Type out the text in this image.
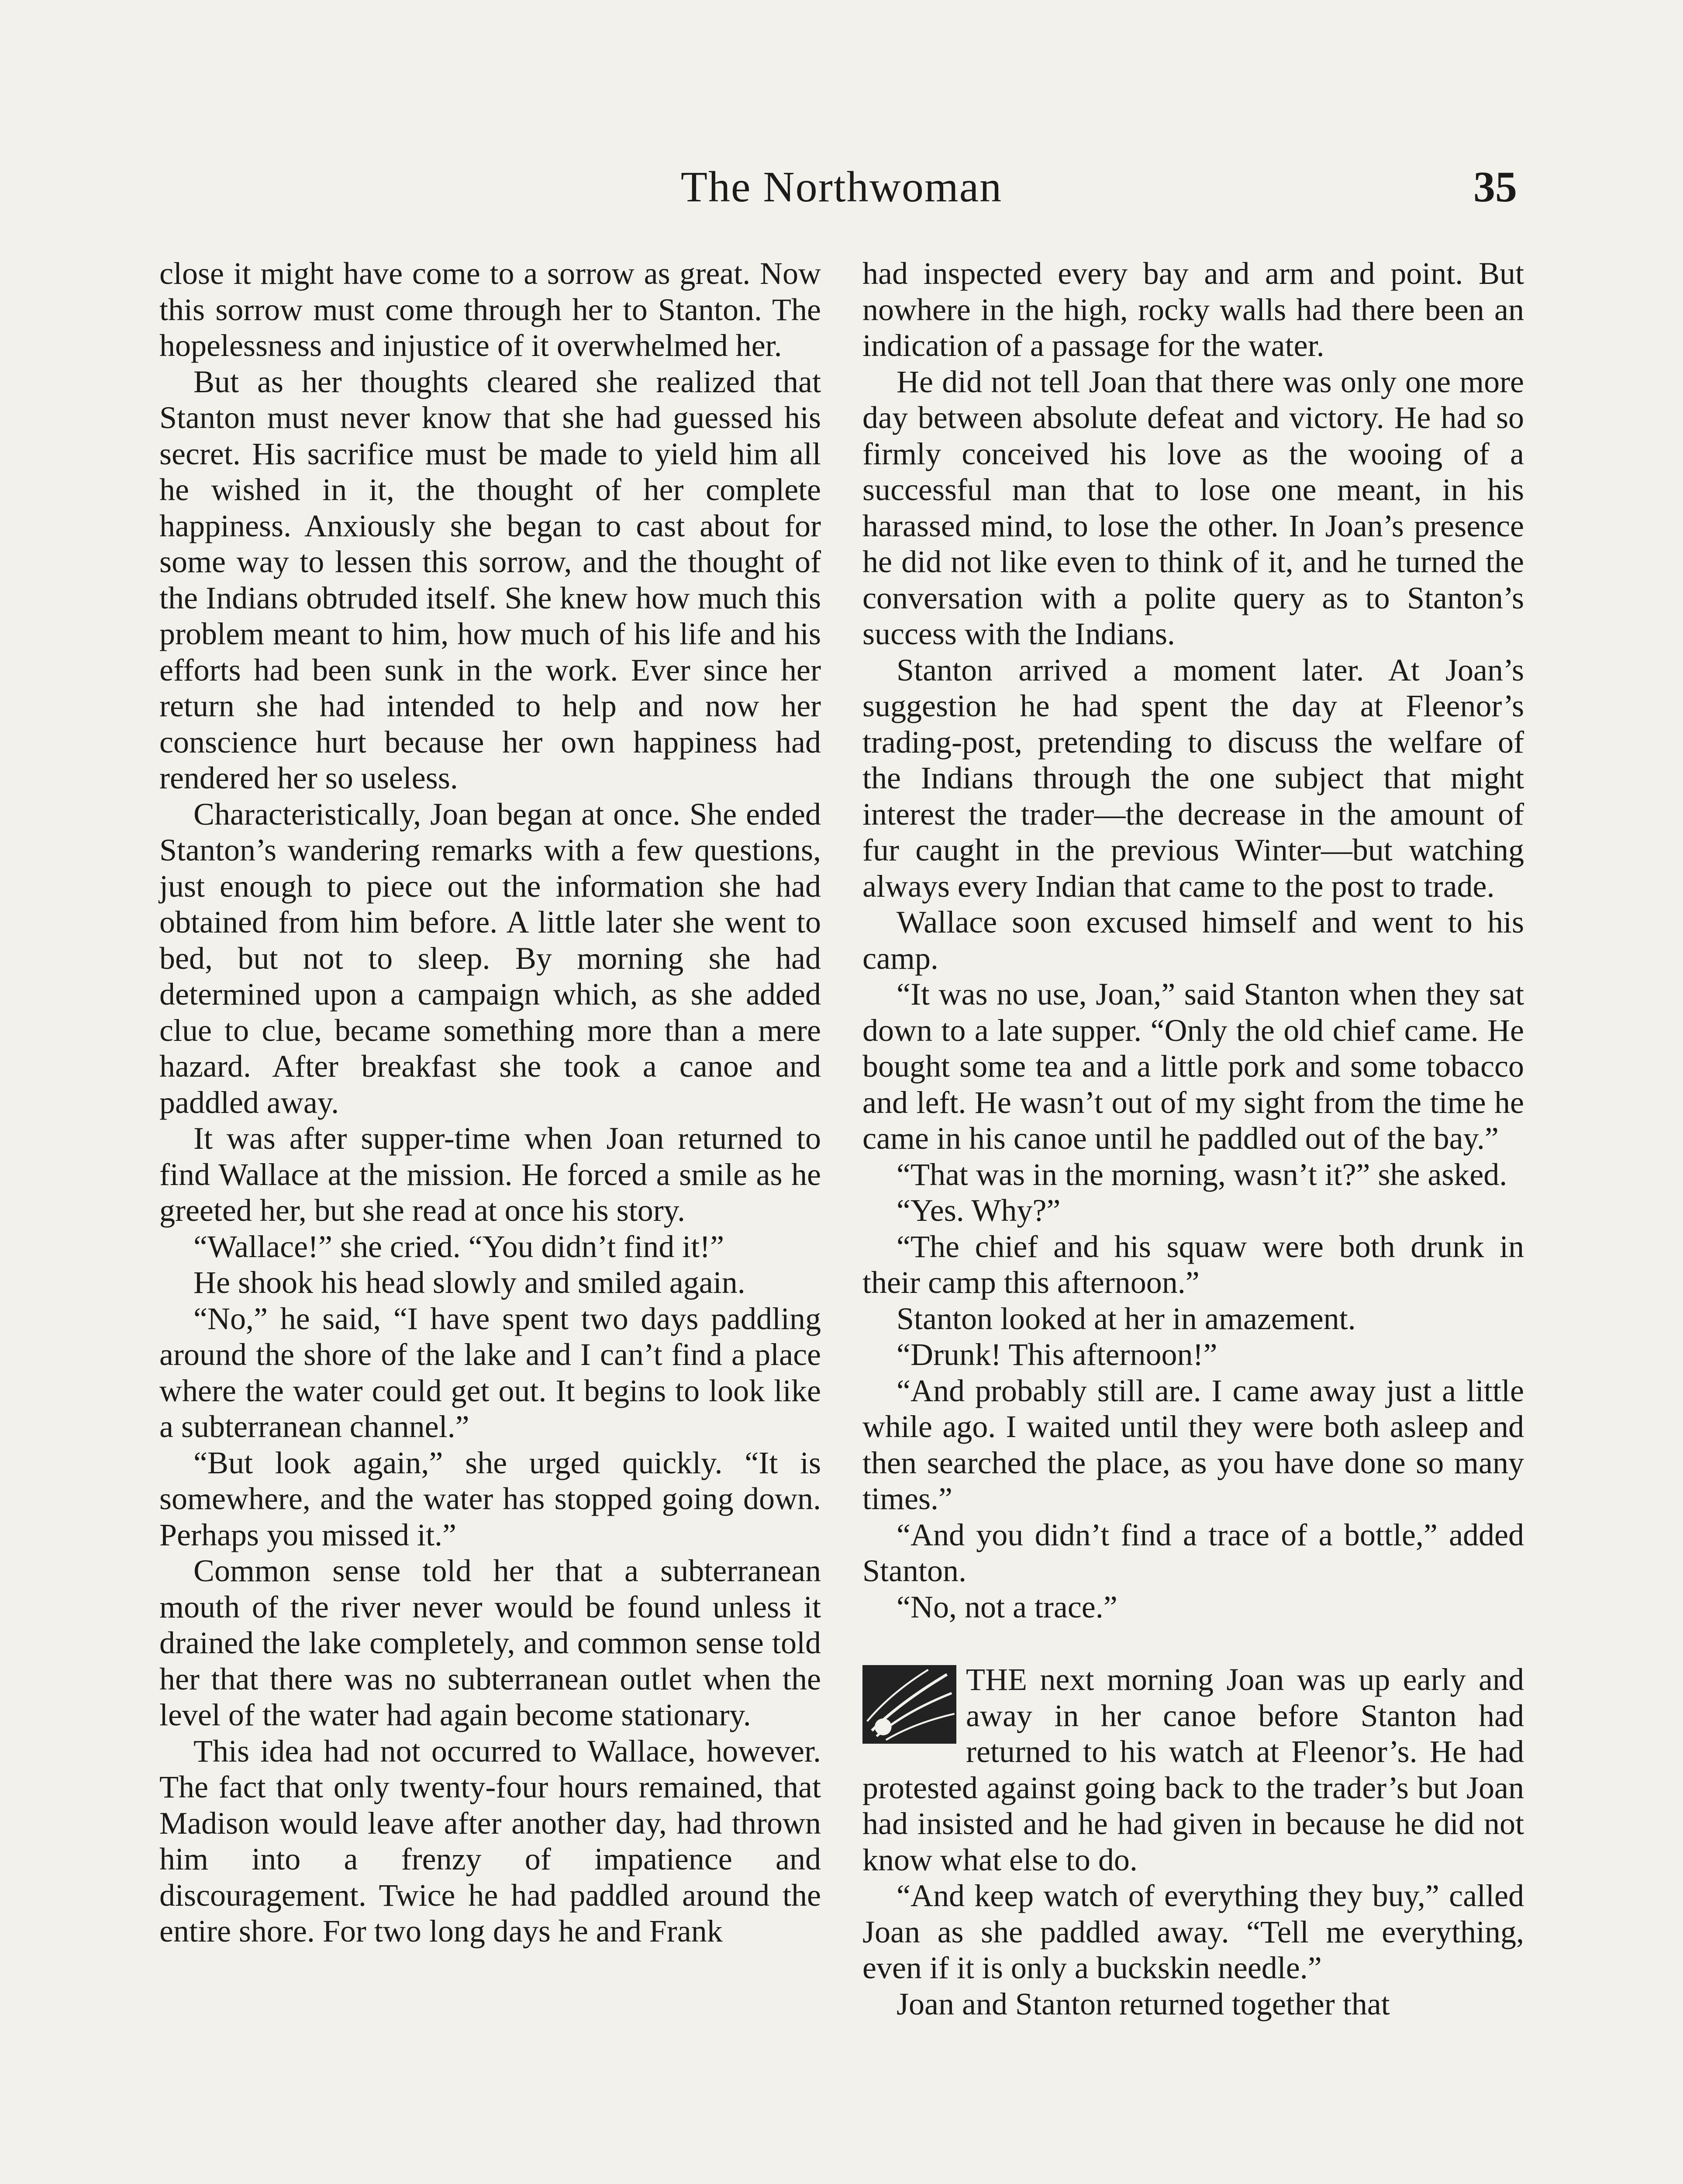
The Northwoman	35

close it might have come to a sorrow as great. Now this sorrow must come through her to Stanton. The hopelessness and injustice of it overwhelmed her.

But as her thoughts cleared she realized that Stanton must never know that she had guessed his secret. His sacrifice must be made to yield him all he wished in it, the thought of her complete happiness. Anxiously she began to cast about for some way to lessen this sorrow, and the thought of the Indians obtruded itself. She knew how much this problem meant to him, how much of his life and his efforts had been sunk in the work. Ever since her return she had intended to help and now her conscience hurt because her own happiness had rendered her so useless.

Characteristically, Joan began at once. She ended Stanton’s wandering remarks with a few questions, just enough to piece out the information she had obtained from him before. A little later she went to bed, but not to sleep. By morning she had determined upon a campaign which, as she added clue to clue, became something more than a mere hazard. After breakfast she took a canoe and paddled away.

It was after supper-time when Joan returned to find Wallace at the mission. He forced a smile as he greeted her, but she read at once his story.

“Wallace!” she cried. “You didn’t find it!”

He shook his head slowly and smiled again.

“No,” he said, “I have spent two days paddling around the shore of the lake and I can’t find a place where the water could get out. It begins to look like a subterranean channel.”

“But look again,” she urged quickly. “It is somewhere, and the water has stopped going down. Perhaps you missed it.”

Common sense told her that a subterranean mouth of the river never would be found unless it drained the lake completely, and common sense told her that there was no subterranean outlet when the level of the water had again become stationary.

This idea had not occurred to Wallace, however. The fact that only twenty-four hours remained, that Madison would leave after another day, had thrown him into a frenzy of impatience and discouragement. Twice he had paddled around the entire shore. For two long days he and Frank

had inspected every bay and arm and point. But nowhere in the high, rocky walls had there been an indication of a passage for the water.

He did not tell Joan that there was only one more day between absolute defeat and victory. He had so firmly conceived his love as the wooing of a successful man that to lose one meant, in his harassed mind, to lose the other. In Joan’s presence he did not like even to think of it, and he turned the conversation with a polite query as to Stanton’s success with the Indians.

Stanton arrived a moment later. At Joan’s suggestion he had spent the day at Fleenor’s trading-post, pretending to discuss the welfare of the Indians through the one subject that might interest the trader—the decrease in the amount of fur caught in the previous Winter—but watching always every Indian that came to the post to trade.

Wallace soon excused himself and went to his camp.

“It was no use, Joan,” said Stanton when they sat down to a late supper. “Only the old chief came. He bought some tea and a little pork and some tobacco and left. He wasn’t out of my sight from the time he came in his canoe until he paddled out of the bay.”

“That was in the morning, wasn’t it?” she asked.

“Yes. Why?”

“The chief and his squaw were both drunk in their camp this afternoon.”

Stanton looked at her in amazement.

“Drunk! This afternoon!”

“And probably still are. I came away just a little while ago. I waited until they were both asleep and then searched the place, as you have done so many times.”

“And you didn’t find a trace of a bottle,” added Stanton.

“No, not a trace.”

THE next morning Joan was up early and away in her canoe before Stanton had returned to his watch at Fleenor’s. He had protested against going back to the trader’s but Joan had insisted and he had given in because he did not know what else to do.

“And keep watch of everything they buy,” called Joan as she paddled away. “Tell me everything, even if it is only a buckskin needle.”

Joan and Stanton returned together that
